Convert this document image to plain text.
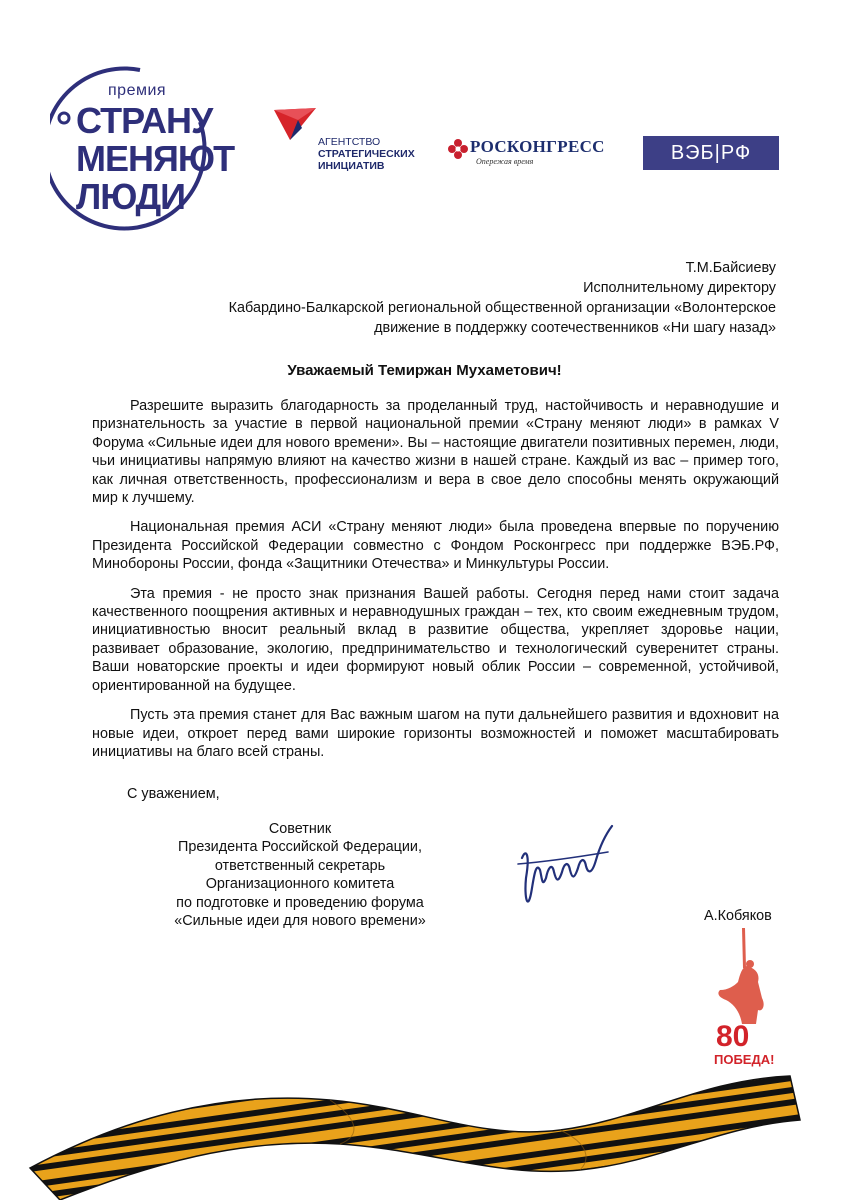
премия
СТРАНУ
МЕНЯЮТ
ЛЮДИ
АГЕНТСТВО
СТРАТЕГИЧЕСКИХ
ИНИЦИАТИВ
РОСКОНГРЕСС
Опережая время	ВЭБ|РФ
Т.М.Байсиеву
Исполнительному директору
Кабардино-Балкарской региональной общественной организации «Волонтерское
движение в поддержку соотечественников «Ни шагу назад»
Уважаемый Темиржан Мухаметович!

Разрешите выразить благодарность за проделанный труд, настойчивость и неравнодушие и признательность за участие в первой национальной премии «Страну меняют люди» в рамках V Форума «Сильные идеи для нового времени». Вы – настоящие двигатели позитивных перемен, люди, чьи инициативы напрямую влияют на качество жизни в нашей стране. Каждый из вас – пример того, как личная ответственность, профессионализм и вера в свое дело способны менять окружающий мир к лучшему.

Национальная премия АСИ «Страну меняют люди» была проведена впервые по поручению Президента Российской Федерации совместно с Фондом Росконгресс при поддержке ВЭБ.РФ, Минобороны России, фонда «Защитники Отечества» и Минкультуры России.

Эта премия - не просто знак признания Вашей работы. Сегодня перед нами стоит задача качественного поощрения активных и неравнодушных граждан – тех, кто своим ежедневным трудом, инициативностью вносит реальный вклад в развитие общества, укрепляет здоровье нации, развивает образование, экологию, предпринимательство и технологический суверенитет страны. Ваши новаторские проекты и идеи формируют новый облик России – современной, устойчивой, ориентированной на будущее.

Пусть эта премия станет для Вас важным шагом на пути дальнейшего развития и вдохновит на новые идеи, откроет перед вами широкие горизонты возможностей и поможет масштабировать инициативы на благо всей страны.

С уважением,
Советник
Президента Российской Федерации,
ответственный секретарь
Организационного комитета
по подготовке и проведению форума
«Сильные идеи для нового времени»	А.Кобяков
80
ПОБЕДА!
